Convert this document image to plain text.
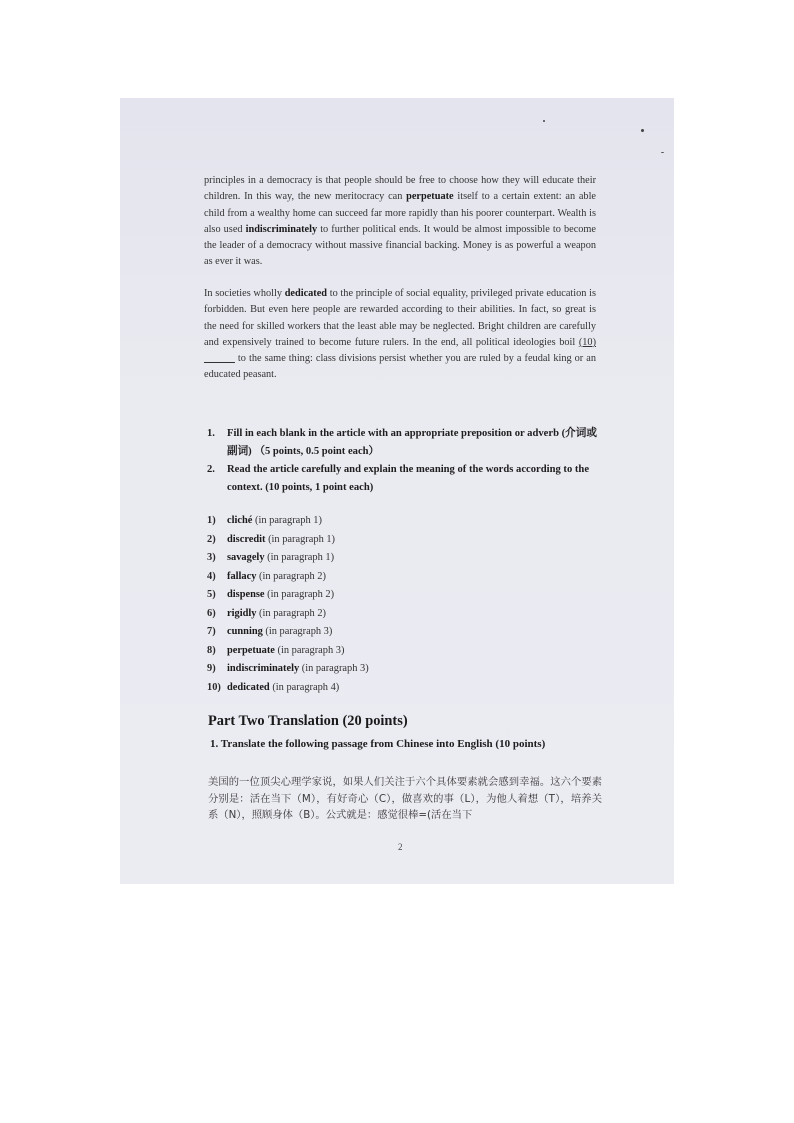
principles in a democracy is that people should be free to choose how they will educate their children. In this way, the new meritocracy can perpetuate itself to a certain extent: an able child from a wealthy home can succeed far more rapidly than his poorer counterpart. Wealth is also used indiscriminately to further political ends. It would be almost impossible to become the leader of a democracy without massive financial backing. Money is as powerful a weapon as ever it was.
In societies wholly dedicated to the principle of social equality, privileged private education is forbidden. But even here people are rewarded according to their abilities. In fact, so great is the need for skilled workers that the least able may be neglected. Bright children are carefully and expensively trained to become future rulers. In the end, all political ideologies boil (10) ______ to the same thing: class divisions persist whether you are ruled by a feudal king or an educated peasant.
1.	Fill in each blank in the article with an appropriate preposition or adverb (介词或副词) （5 points, 0.5 point each）
2.	Read the article carefully and explain the meaning of the words according to the context. (10 points, 1 point each)
1) cliché (in paragraph 1)
2) discredit (in paragraph 1)
3) savagely (in paragraph 1)
4) fallacy (in paragraph 2)
5) dispense (in paragraph 2)
6) rigidly (in paragraph 2)
7) cunning (in paragraph 3)
8) perpetuate (in paragraph 3)
9) indiscriminately (in paragraph 3)
10) dedicated (in paragraph 4)
Part Two Translation (20 points)
1. Translate the following passage from Chinese into English (10 points)
美国的一位顶尖心理学家说，如果人们关注于六个具体要素就会感到幸福。这六个要素分别是：活在当下（M），有好奇心（C），做喜欢的事（L），为他人着想（T），培养关系（N），照顾身体（B）。公式就是：感觉很棒=(活在当下
2
